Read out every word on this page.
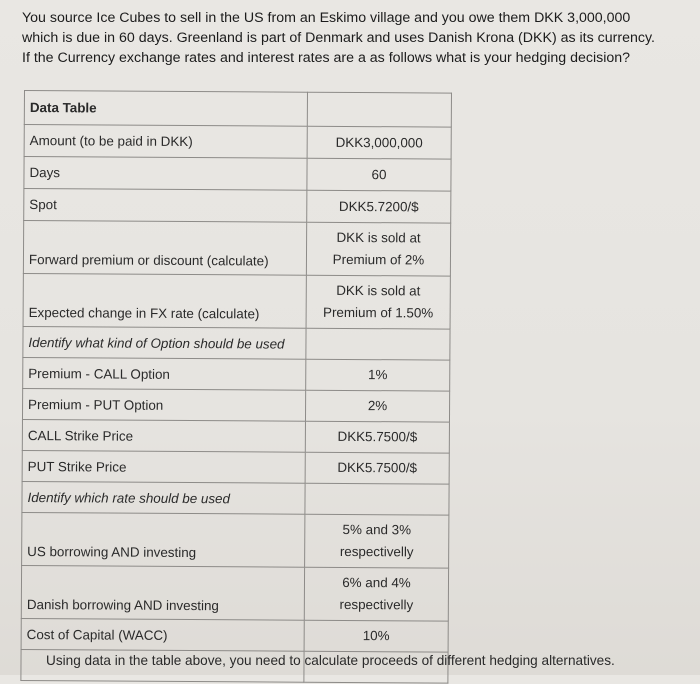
You source Ice Cubes to sell in the US from an Eskimo village and you owe them DKK 3,000,000

which is due in 60 days. Greenland is part of Denmark and uses Danish Krona (DKK) as its currency.

If the Currency exchange rates and interest rates are a as follows what is your hedging decision?

Data Table	
Amount (to be paid in DKK)	DKK3,000,000
Days	60
Spot	DKK5.7200/$
Forward premium or discount (calculate)	DKK is sold at
Premium of 2%

Expected change in FX rate (calculate)	DKK is sold at
Premium of 1.50%

Identify what kind of Option should be used	
Premium - CALL Option	1%
Premium - PUT Option	2%
CALL Strike Price	DKK5.7500/$
PUT Strike Price	DKK5.7500/$
Identify which rate should be used	
US borrowing AND investing	5% and 3%
respectivelly

Danish borrowing AND investing	6% and 4%
respectivelly

Cost of Capital (WACC)	10%

Using data in the table above, you need to calculate proceeds of different hedging alternatives.
